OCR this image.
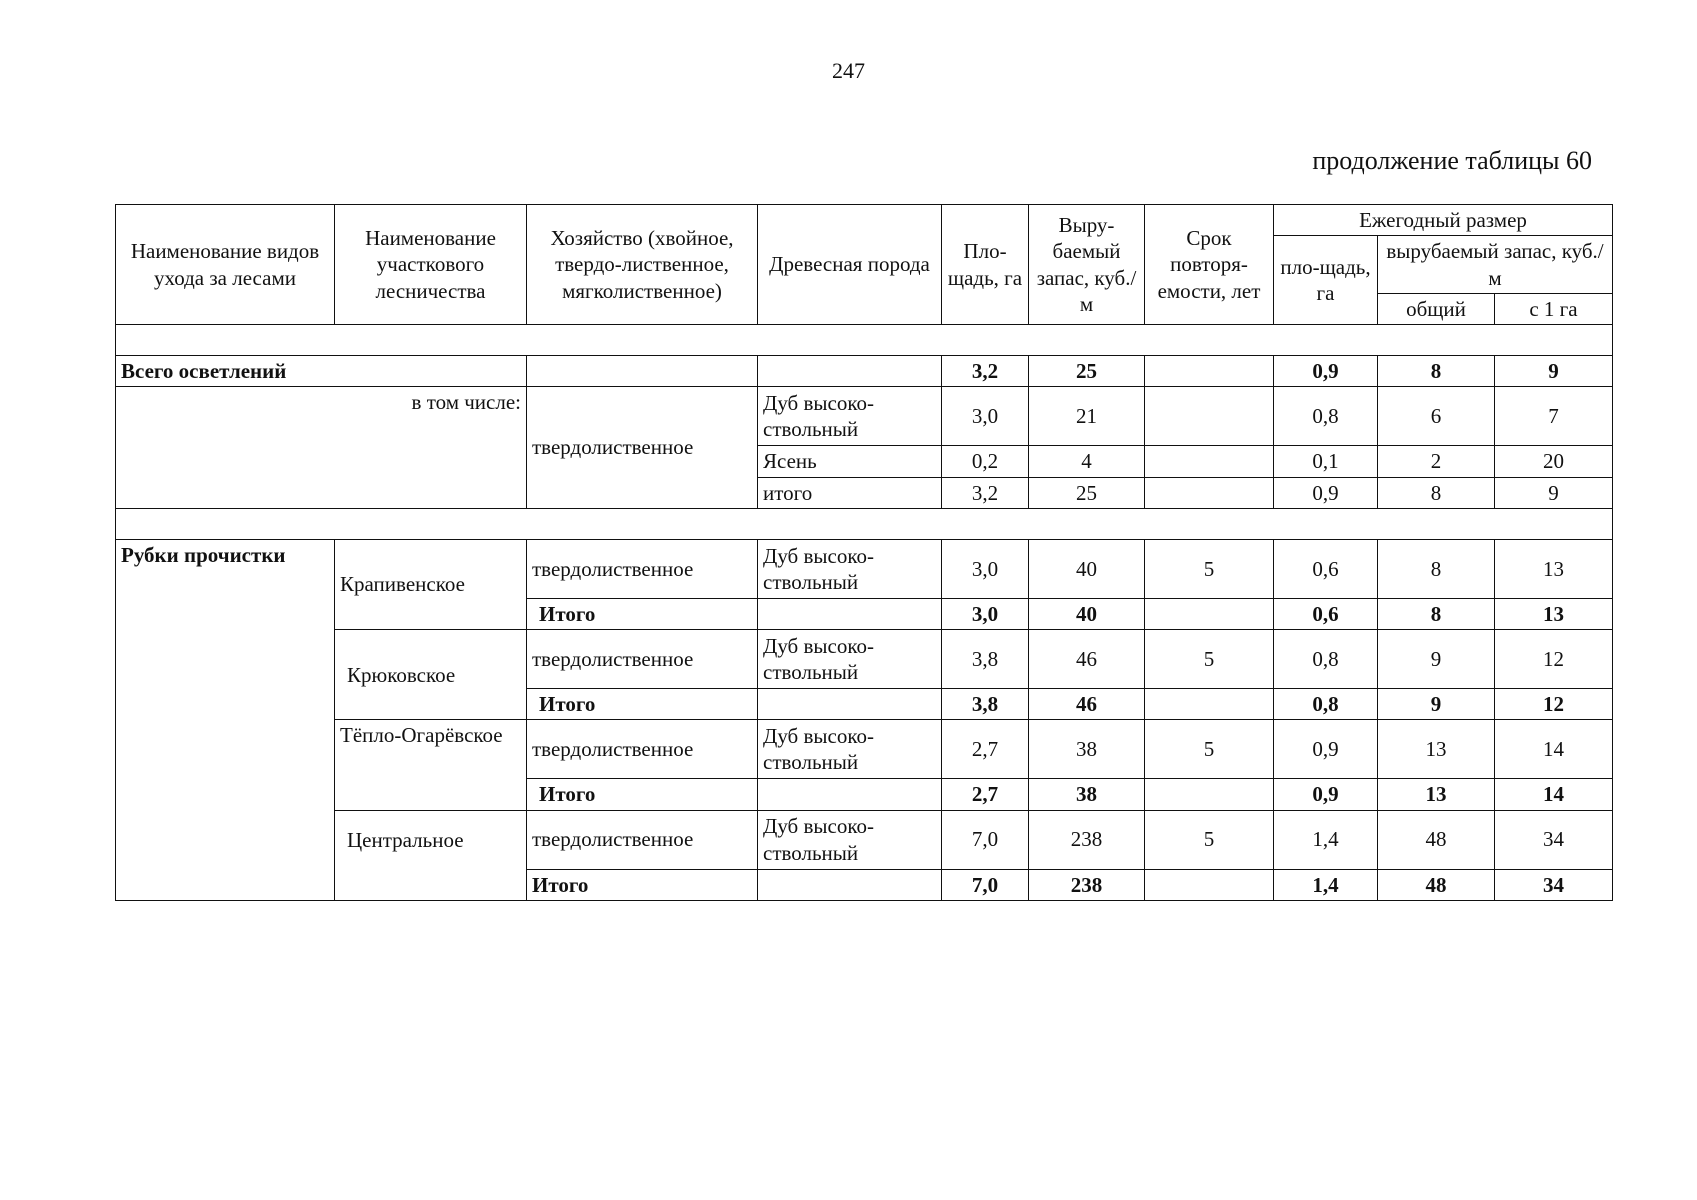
247
продолжение таблицы 60
Наименование видов ухода за лесами	Наименование участкового лесничества	Хозяйство (хвойное, твердо-лиственное, мягколиственное)	Древесная порода	Пло-щадь, га	Выру-баемый запас, куб./м	Срок повторя-емости, лет	Ежегодный размер		
							пло-щадь, га	вырубаемый запас, куб./м	
								общий	с 1 га

Всего осветлений				3,2	25		0,9	8	9
в том числе:		твердолиственное	Дуб высоко-ствольный	3,0	21		0,8	6	7
			Ясень	0,2	4		0,1	2	20
			итого	3,2	25		0,9	8	9

Рубки прочистки	Крапивенское	твердолиственное	Дуб высоко-ствольный	3,0	40	5	0,6	8	13
		Итого		3,0	40		0,6	8	13
	Крюковское	твердолиственное	Дуб высоко-ствольный	3,8	46	5	0,8	9	12
		Итого		3,8	46		0,8	9	12
	Тёпло-Огарёвское	твердолиственное	Дуб высоко-ствольный	2,7	38	5	0,9	13	14
		Итого		2,7	38		0,9	13	14
	Центральное	твердолиственное	Дуб высоко-ствольный	7,0	238	5	1,4	48	34
		Итого		7,0	238		1,4	48	34
